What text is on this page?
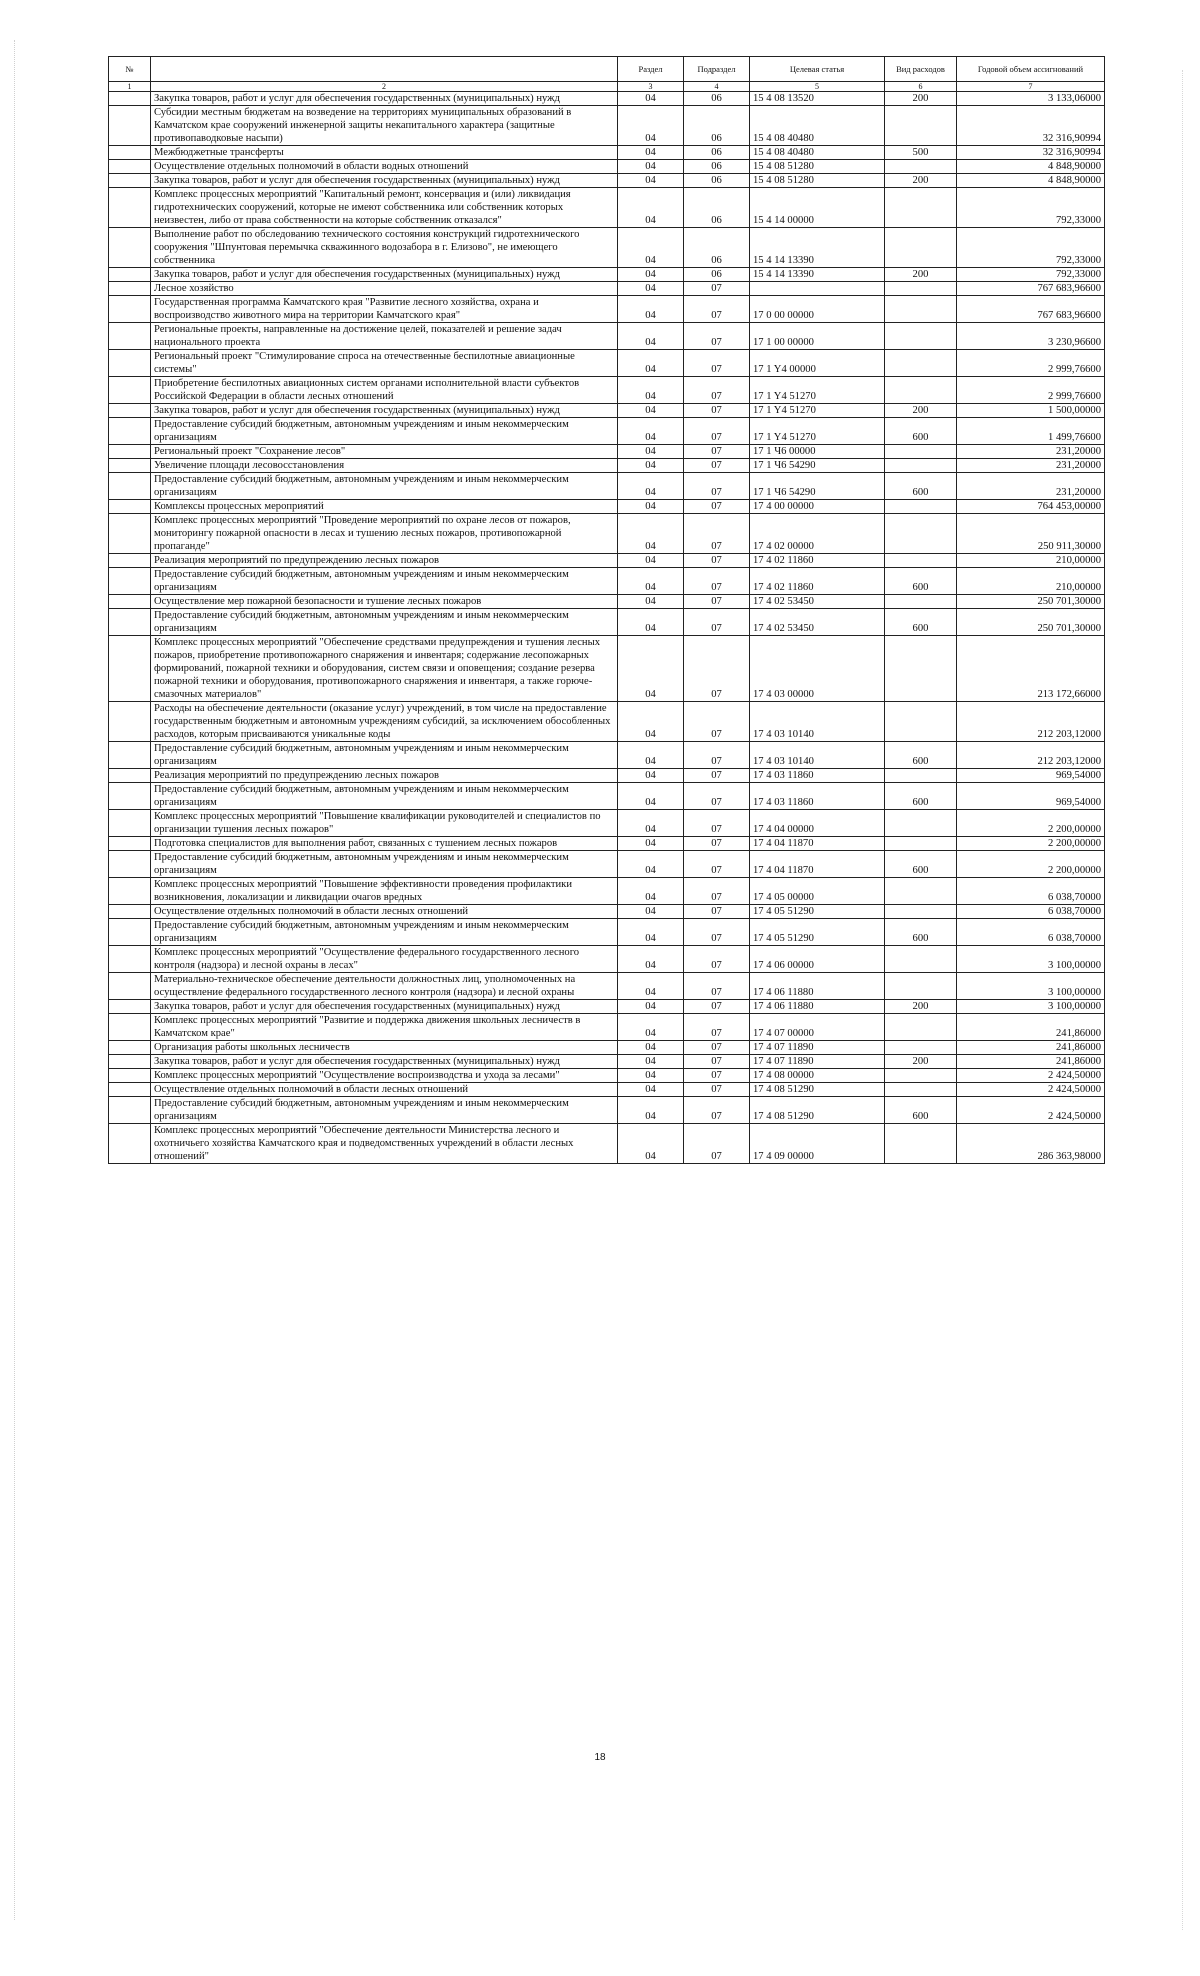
№		Раздел	Подраздел	Целевая статья	Вид расходов	Годовой объем ассигнований
1	2	3	4	5	6	7
	Закупка товаров, работ и услуг для обеспечения государственных (муниципальных) нужд	04	06	15 4 08 13520	200	3 133,06000
	Субсидии местным бюджетам на возведение на территориях муниципальных образований в Камчатском крае сооружений инженерной защиты некапитального характера (защитные противопаводковые насыпи)	04	06	15 4 08 40480		32 316,90994
	Межбюджетные трансферты	04	06	15 4 08 40480	500	32 316,90994
	Осуществление отдельных полномочий в области водных отношений	04	06	15 4 08 51280		4 848,90000
	Закупка товаров, работ и услуг для обеспечения государственных (муниципальных) нужд	04	06	15 4 08 51280	200	4 848,90000
	Комплекс процессных мероприятий "Капитальный ремонт, консервация и (или) ликвидация гидротехнических сооружений, которые не имеют собственника или собственник которых неизвестен, либо от права собственности на которые собственник отказался"	04	06	15 4 14 00000		792,33000
	Выполнение работ по обследованию технического состояния конструкций гидротехнического сооружения "Шпунтовая перемычка скважинного водозабора в г. Елизово", не имеющего собственника	04	06	15 4 14 13390		792,33000
	Закупка товаров, работ и услуг для обеспечения государственных (муниципальных) нужд	04	06	15 4 14 13390	200	792,33000
	Лесное хозяйство	04	07			767 683,96600
	Государственная программа Камчатского края "Развитие лесного хозяйства, охрана и воспроизводство животного мира на территории Камчатского края"	04	07	17 0 00 00000		767 683,96600
	Региональные проекты, направленные на достижение целей, показателей и решение задач национального проекта	04	07	17 1 00 00000		3 230,96600
	Региональный проект "Стимулирование спроса на отечественные беспилотные авиационные системы"	04	07	17 1 Y4 00000		2 999,76600
	Приобретение беспилотных авиационных систем органами исполнительной власти субъектов Российской Федерации в области лесных отношений	04	07	17 1 Y4 51270		2 999,76600
	Закупка товаров, работ и услуг для обеспечения государственных (муниципальных) нужд	04	07	17 1 Y4 51270	200	1 500,00000
	Предоставление субсидий бюджетным, автономным учреждениям и иным некоммерческим организациям	04	07	17 1 Y4 51270	600	1 499,76600
	Региональный проект "Сохранение лесов"	04	07	17 1 Ч6 00000		231,20000
	Увеличение площади лесовосстановления	04	07	17 1 Ч6 54290		231,20000
	Предоставление субсидий бюджетным, автономным учреждениям и иным некоммерческим организациям	04	07	17 1 Ч6 54290	600	231,20000
	Комплексы процессных мероприятий	04	07	17 4 00 00000		764 453,00000
	Комплекс процессных мероприятий "Проведение мероприятий по охране лесов от пожаров, мониторингу пожарной опасности в лесах и тушению лесных пожаров, противопожарной пропаганде"	04	07	17 4 02 00000		250 911,30000
	Реализация мероприятий по предупреждению лесных пожаров	04	07	17 4 02 11860		210,00000
	Предоставление субсидий бюджетным, автономным учреждениям и иным некоммерческим организациям	04	07	17 4 02 11860	600	210,00000
	Осуществление мер пожарной безопасности и тушение лесных пожаров	04	07	17 4 02 53450		250 701,30000
	Предоставление субсидий бюджетным, автономным учреждениям и иным некоммерческим организациям	04	07	17 4 02 53450	600	250 701,30000
	Комплекс процессных мероприятий "Обеспечение средствами предупреждения и тушения лесных пожаров, приобретение противопожарного снаряжения и инвентаря; содержание лесопожарных формирований, пожарной техники и оборудования, систем связи и оповещения; создание резерва пожарной техники и оборудования, противопожарного снаряжения и инвентаря, а также горюче-смазочных материалов"	04	07	17 4 03 00000		213 172,66000
	Расходы на обеспечение деятельности (оказание услуг) учреждений, в том числе на предоставление государственным бюджетным и автономным учреждениям субсидий, за исключением обособленных расходов, которым присваиваются уникальные коды	04	07	17 4 03 10140		212 203,12000
	Предоставление субсидий бюджетным, автономным учреждениям и иным некоммерческим организациям	04	07	17 4 03 10140	600	212 203,12000
	Реализация мероприятий по предупреждению лесных пожаров	04	07	17 4 03 11860		969,54000
	Предоставление субсидий бюджетным, автономным учреждениям и иным некоммерческим организациям	04	07	17 4 03 11860	600	969,54000
	Комплекс процессных мероприятий "Повышение квалификации руководителей и специалистов по организации тушения лесных пожаров"	04	07	17 4 04 00000		2 200,00000
	Подготовка специалистов для выполнения работ, связанных с тушением лесных пожаров	04	07	17 4 04 11870		2 200,00000
	Предоставление субсидий бюджетным, автономным учреждениям и иным некоммерческим организациям	04	07	17 4 04 11870	600	2 200,00000
	Комплекс процессных мероприятий "Повышение эффективности проведения профилактики возникновения, локализации и ликвидации очагов вредных	04	07	17 4 05 00000		6 038,70000
	Осуществление отдельных полномочий в области лесных отношений	04	07	17 4 05 51290		6 038,70000
	Предоставление субсидий бюджетным, автономным учреждениям и иным некоммерческим организациям	04	07	17 4 05 51290	600	6 038,70000
	Комплекс процессных мероприятий "Осуществление федерального государственного лесного контроля (надзора) и лесной охраны в лесах"	04	07	17 4 06 00000		3 100,00000
	Материально-техническое обеспечение деятельности должностных лиц, уполномоченных на осуществление федерального государственного лесного контроля (надзора) и лесной охраны	04	07	17 4 06 11880		3 100,00000
	Закупка товаров, работ и услуг для обеспечения государственных (муниципальных) нужд	04	07	17 4 06 11880	200	3 100,00000
	Комплекс процессных мероприятий "Развитие и поддержка движения школьных лесничеств в Камчатском крае"	04	07	17 4 07 00000		241,86000
	Организация работы школьных лесничеств	04	07	17 4 07 11890		241,86000
	Закупка товаров, работ и услуг для обеспечения государственных (муниципальных) нужд	04	07	17 4 07 11890	200	241,86000
	Комплекс процессных мероприятий "Осуществление воспроизводства и ухода за лесами"	04	07	17 4 08 00000		2 424,50000
	Осуществление отдельных полномочий в области лесных отношений	04	07	17 4 08 51290		2 424,50000
	Предоставление субсидий бюджетным, автономным учреждениям и иным некоммерческим организациям	04	07	17 4 08 51290	600	2 424,50000
	Комплекс процессных мероприятий "Обеспечение деятельности Министерства лесного и охотничьего хозяйства Камчатского края и подведомственных учреждений в области лесных отношений"	04	07	17 4 09 00000		286 363,98000
18
